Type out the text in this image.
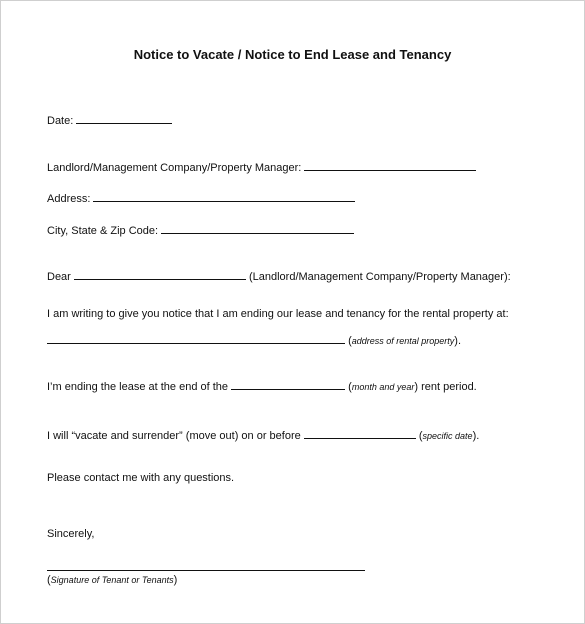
Notice to Vacate / Notice to End Lease and Tenancy
Date:
Landlord/Management Company/Property Manager:
Address:
City, State & Zip Code:
Dear	(Landlord/Management Company/Property Manager):
I am writing to give you notice that I am ending our lease and tenancy for the rental property at:
(address of rental property).
I’m ending the lease at the end of the	(month and year) rent period.
I will “vacate and surrender” (move out) on or before	(specific date).
Please contact me with any questions.
Sincerely,
(Signature of Tenant or Tenants)
